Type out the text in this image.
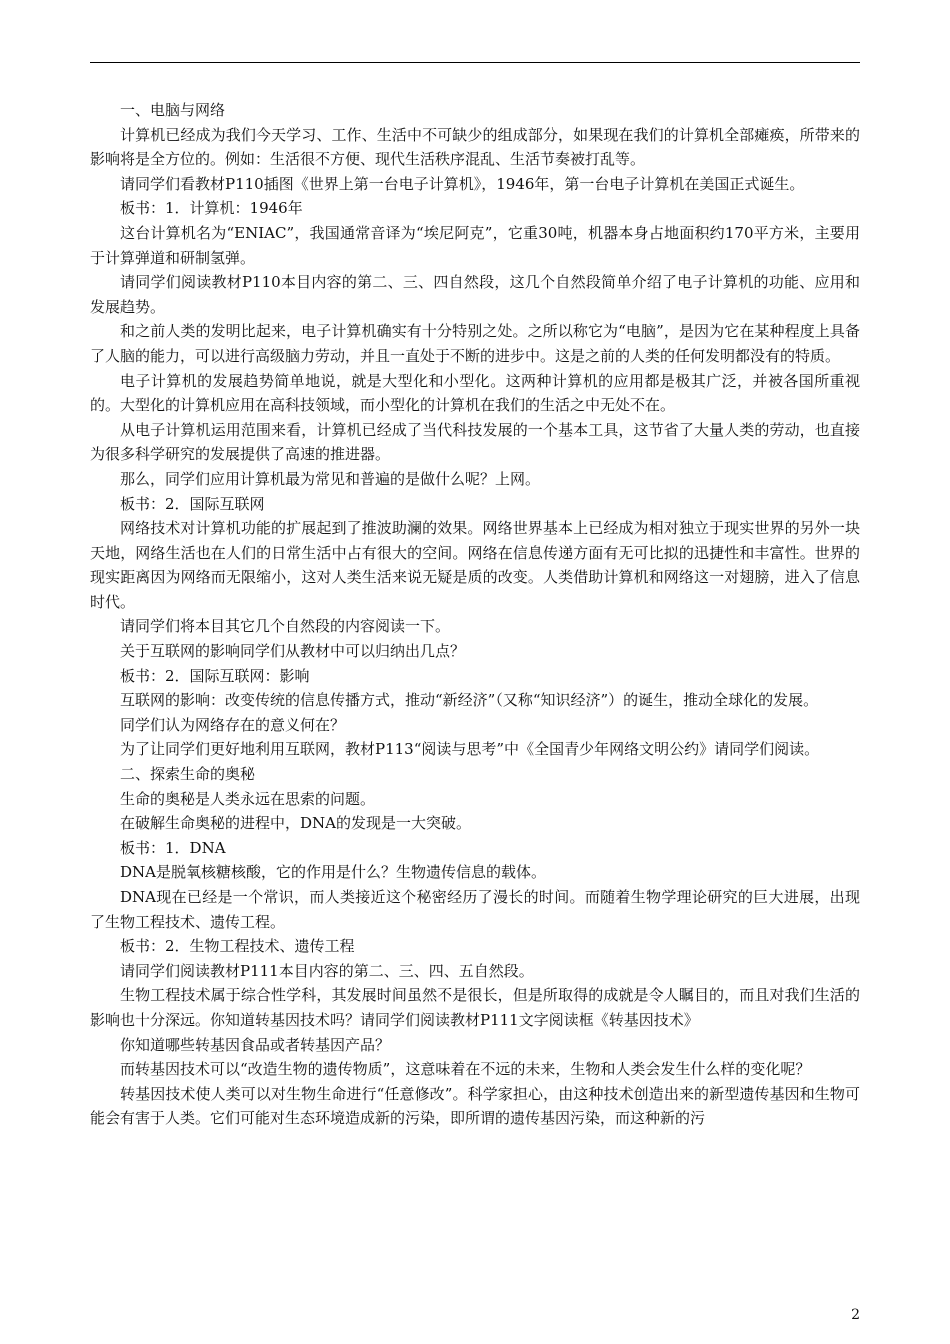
一、电脑与网络

计算机已经成为我们今天学习、工作、生活中不可缺少的组成部分，如果现在我们的计算机全部瘫痪，所带来的影响将是全方位的。例如：生活很不方便、现代生活秩序混乱、生活节奏被打乱等。

请同学们看教材P110插图《世界上第一台电子计算机》，1946年，第一台电子计算机在美国正式诞生。

板书：1．计算机：1946年

这台计算机名为“ENIAC”，我国通常音译为“埃尼阿克”，它重30吨，机器本身占地面积约170平方米，主要用于计算弹道和研制氢弹。

请同学们阅读教材P110本目内容的第二、三、四自然段，这几个自然段简单介绍了电子计算机的功能、应用和发展趋势。

和之前人类的发明比起来，电子计算机确实有十分特别之处。之所以称它为“电脑”，是因为它在某种程度上具备了人脑的能力，可以进行高级脑力劳动，并且一直处于不断的进步中。这是之前的人类的任何发明都没有的特质。

电子计算机的发展趋势简单地说，就是大型化和小型化。这两种计算机的应用都是极其广泛，并被各国所重视的。大型化的计算机应用在高科技领域，而小型化的计算机在我们的生活之中无处不在。

从电子计算机运用范围来看，计算机已经成了当代科技发展的一个基本工具，这节省了大量人类的劳动，也直接为很多科学研究的发展提供了高速的推进器。

那么，同学们应用计算机最为常见和普遍的是做什么呢？上网。

板书：2．国际互联网

网络技术对计算机功能的扩展起到了推波助澜的效果。网络世界基本上已经成为相对独立于现实世界的另外一块天地，网络生活也在人们的日常生活中占有很大的空间。网络在信息传递方面有无可比拟的迅捷性和丰富性。世界的现实距离因为网络而无限缩小，这对人类生活来说无疑是质的改变。人类借助计算机和网络这一对翅膀，进入了信息时代。

请同学们将本目其它几个自然段的内容阅读一下。

关于互联网的影响同学们从教材中可以归纳出几点？

板书：2．国际互联网：影响

互联网的影响：改变传统的信息传播方式，推动“新经济”（又称“知识经济”）的诞生，推动全球化的发展。

同学们认为网络存在的意义何在？

为了让同学们更好地利用互联网，教材P113“阅读与思考”中《全国青少年网络文明公约》请同学们阅读。

二、探索生命的奥秘

生命的奥秘是人类永远在思索的问题。

在破解生命奥秘的进程中，DNA的发现是一大突破。

板书：1．DNA

DNA是脱氧核糖核酸，它的作用是什么？生物遗传信息的载体。

DNA现在已经是一个常识，而人类接近这个秘密经历了漫长的时间。而随着生物学理论研究的巨大进展，出现了生物工程技术、遗传工程。

板书：2．生物工程技术、遗传工程

请同学们阅读教材P111本目内容的第二、三、四、五自然段。

生物工程技术属于综合性学科，其发展时间虽然不是很长，但是所取得的成就是令人瞩目的，而且对我们生活的影响也十分深远。你知道转基因技术吗？请同学们阅读教材P111文字阅读框《转基因技术》

你知道哪些转基因食品或者转基因产品？

而转基因技术可以“改造生物的遗传物质”，这意味着在不远的未来，生物和人类会发生什么样的变化呢？

转基因技术使人类可以对生物生命进行“任意修改”。科学家担心，由这种技术创造出来的新型遗传基因和生物可能会有害于人类。它们可能对生态环境造成新的污染，即所谓的遗传基因污染，而这种新的污

2
